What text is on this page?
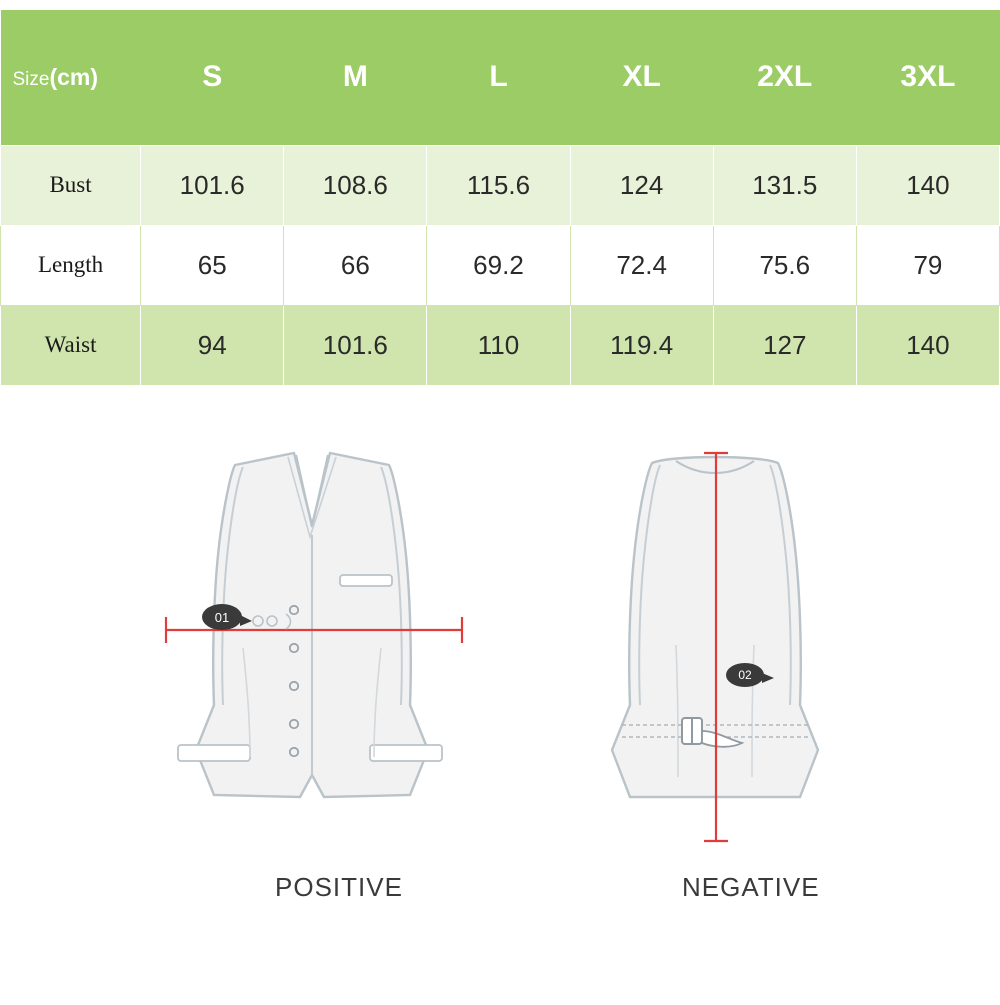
Size(cm)	S	M	L	XL	2XL	3XL
Bust	101.6	108.6	115.6	124	131.5	140
Length	65	66	69.2	72.4	75.6	79
Waist	94	101.6	110	119.4	127	140
01
02
POSITIVE	NEGATIVE
